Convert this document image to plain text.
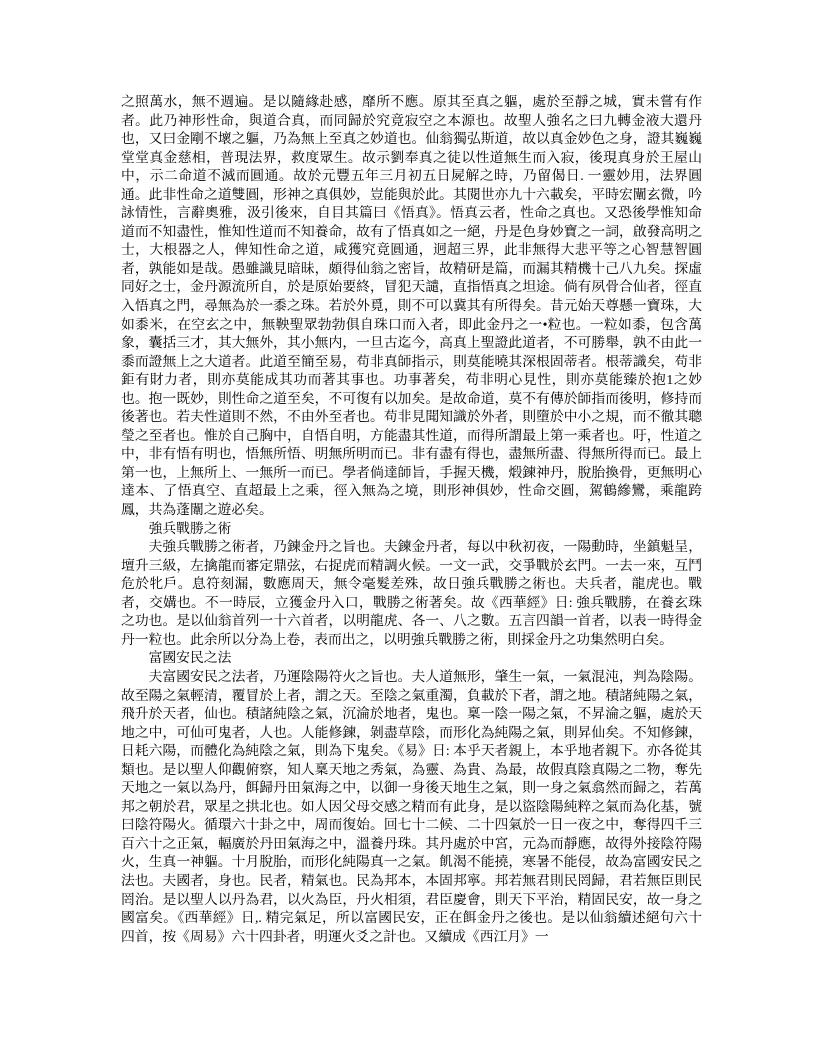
之照萬水，無不週遍。是以隨緣赴感，靡所不應。原其至真之軀，處於至靜之城，實未嘗有作者。此乃神形性命，與道合真，而同歸於究竟寂空之本源也。故聖人強名之曰九轉金液大還丹也，又曰金剛不壞之軀，乃為無上至真之妙道也。仙翁獨弘斯道，故以真金妙色之身，證其巍巍堂堂真金慈相，普現法界，救度眾生。故示劉奉真之徒以性道無生而入寂，後現真身於王屋山中，示二命道不滅而圓通。故於元豐五年三月初五日屍解之時，乃留偈日. 一靈妙用，法界圓通。此非性命之道雙圓，形神之真俱妙，豈能與於此。其閱世亦九十六載矣，平時宏闡玄微，吟詠情性，言辭奧雅，汲引後來，自目其篇曰《悟真》。悟真云者，性命之真也。又恐後學惟知命道而不知盡性，惟知性道而不知養命，故有了悟真如之一絕，丹是色身妙寶之一詞，啟發高明之士，大根器之人，俾知性命之道，咸獲究竟圓通，迥超三界，此非無得大悲平等之心智慧智圓者，孰能如是哉。愚雖識見暗昧，頗得仙翁之密旨，故精研是篇，而漏其精機十己八九矣。探虛同好之士，金丹源流所自，於是原始要終，冒犯天譴，直指悟真之坦途。倘有夙骨合仙者，徑直入悟真之門，尋無為於一黍之珠。若於外覓，則不可以冀其有所得矣。昔元始天尊懸一寶珠，大如黍米，在空玄之中，無鞅聖眾勃勃俱自珠口而入者，即此金丹之一•粒也。一粒如黍，包含萬象，囊括三才，其大無外，其小無内，一旦古迄今，高真上聖證此道者，不可勝舉，孰不由此一黍而證無上之大道者。此道至簡至易，苟非真師指示，則莫能曉其深根固蒂者。根蒂識矣，苟非鉅有財力者，則亦莫能成其功而著其事也。功事著矣，苟非明心見性，則亦莫能臻於抱1之妙也。抱一既妙，則性命之道至矣，不可復有以加矣。是故命道，莫不有傳於師指而後明，修持而後著也。若夫性道則不然，不由外至者也。苟非見聞知識於外者，則墮於中小之規，而不徹其聰瑩之至者也。惟於自己胸中，自悟自明，方能盡其性道，而得所謂最上第一乘者也。吁，性道之中，非有悟有明也，悟無所悟、明無所明而已。非有盡有得也，盡無所盡、得無所得而已。最上第一也，上無所上、一無所一而已。學者倘達師旨，手握天機，煅鍊神丹，脫胎換骨，更無明心達本、了悟真空、直超最上之乘，徑入無為之境，則形神俱妙，性命交圓，駕鶴縿鸞，乘龍跨鳳，共為蓬闈之遊必矣。

強兵戰勝之術

夫強兵戰勝之術者，乃鍊金丹之旨也。夫鍊金丹者，每以中秋初夜，一陽動時，坐鎮魁呈，壇升三級，左擒龍而審定鼎弦，右捉虎而精調火候。一文一武，交爭戰於玄門。一去一來，互鬥危於牝戶。息符刻漏，數應周天，無令毫髮差殊，故日強兵戰勝之術也。夫兵者，龍虎也。戰者，交媾也。不一時辰，立獲金丹入口，戰勝之術著矣。故《西華經》日: 強兵戰勝，在養玄珠之功也。是以仙翁首列一十六首者，以明龍虎、各一、八之數。五言四韻一首者，以表一時得金丹一粒也。此余所以分為上卷，表而出之，以明強兵戰勝之術，則採金丹之功集然明白矣。

富國安民之法

夫富國安民之法者，乃運陰陽符火之旨也。夫人道無形，肇生一氣，一氣混沌，判為陰陽。故至陽之氣輕清，覆冒於上者，謂之天。至陰之氣重濁，負載於下者，謂之地。積諸純陽之氣，飛升於天者，仙也。積諸純陰之氣，沉淪於地者，鬼也。稟一陰一陽之氣，不昇淪之軀，處於天地之中，可仙可鬼者，人也。人能修鍊，剝盡草陰，而形化為純陽之氣，則昇仙矣。不知修鍊，日耗六陽，而體化為純陰之氣，則為下鬼矣。《易》日: 本乎天者親上，本乎地者親下。亦各從其類也。是以聖人仰觀俯察，知人稟天地之秀氣，為靈、為貴、為最，故假真陰真陽之二物，奪先天地之一氣以為丹，餌歸丹田氣海之中，以御一身後天地生之氣，則一身之氣翕然而歸之，若萬邦之朝於君，眾星之拱北也。如人因父母交感之精而有此身，是以盜陰陽純粹之氣而為化基，號曰陰符陽火。循環六十卦之中，周而復始。回七十二候、二十四氣於一日一夜之中，奪得四千三百六十之正氣，輻廣於丹田氣海之中，溫養丹珠。其丹處於中宮，元為而靜應，故得外接陰符陽火，生真一神軀。十月脫胎，而形化純陽真一之氣。飢渴不能撓，寒暑不能侵，故為富國安民之法也。夫國者，身也。民者，精氣也。民為邦本，本固邦寧。邦若無君則民罔歸，君若無臣則民罔治。是以聖人以丹為君，以火為臣，丹火相須，君臣慶會，則天下平治，精固民安，故一身之國富矣。《西華經》日,. 精完氣足，所以富國民安，正在餌金丹之後也。是以仙翁續述絕句六十四首，按《周易》六十四卦者，明運火爻之計也。又續成《西江月》一
